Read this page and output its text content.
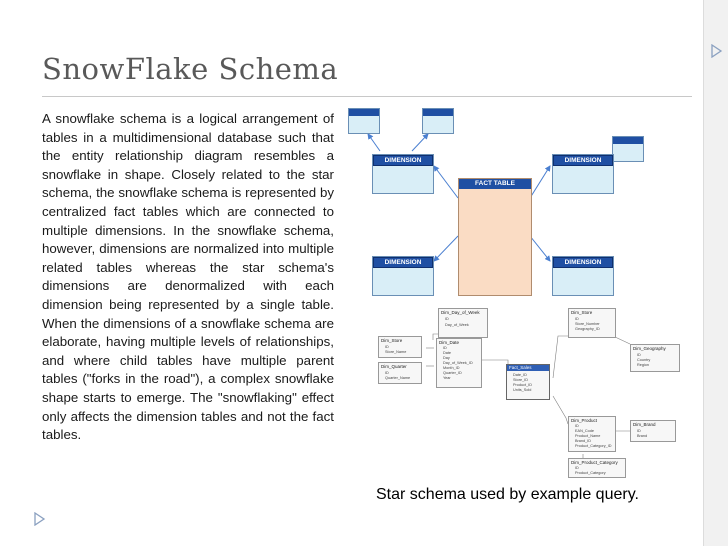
SnowFlake Schema

A snowflake schema is a logical arrangement of tables in a multidimensional database such that the entity relationship diagram resembles a snowflake in shape. Closely related to the star schema, the snowflake schema is represented by centralized fact tables which are connected to multiple dimensions. In the snowflake schema, however, dimensions are normalized into multiple related tables whereas the star schema's dimensions are denormalized with each dimension being represented by a single table. When the dimensions of a snowflake schema are elaborate, having multiple levels of relationships, and where child tables have multiple parent tables ("forks in the road"), a complex snowflake shape starts to emerge. The "snowflaking" effect only affects the dimension tables and not the fact tables.

DIMENSION	DIMENSION
DIMENSION	DIMENSION
FACT TABLE
Dim_Day_of_Week
ID
Day_of_Week
Dim_Store
ID
Store_Name
Dim_Quarter
ID
Quarter_Name
Dim_Date
ID
Date
Day
Day_of_Week_ID
Month_ID
Quarter_ID
Year
Fact_Sales
Date_ID
Store_ID
Product_ID
Units_Sold
Dim_Store
ID
Store_Number
Geography_ID
Dim_Geography
ID
Country
Region
Dim_Product
ID
EAN_Code
Product_Name
Brand_ID
Product_Category_ID
Dim_Brand
ID
Brand
Dim_Product_Category
ID
Product_Category

Star schema used by example query.
